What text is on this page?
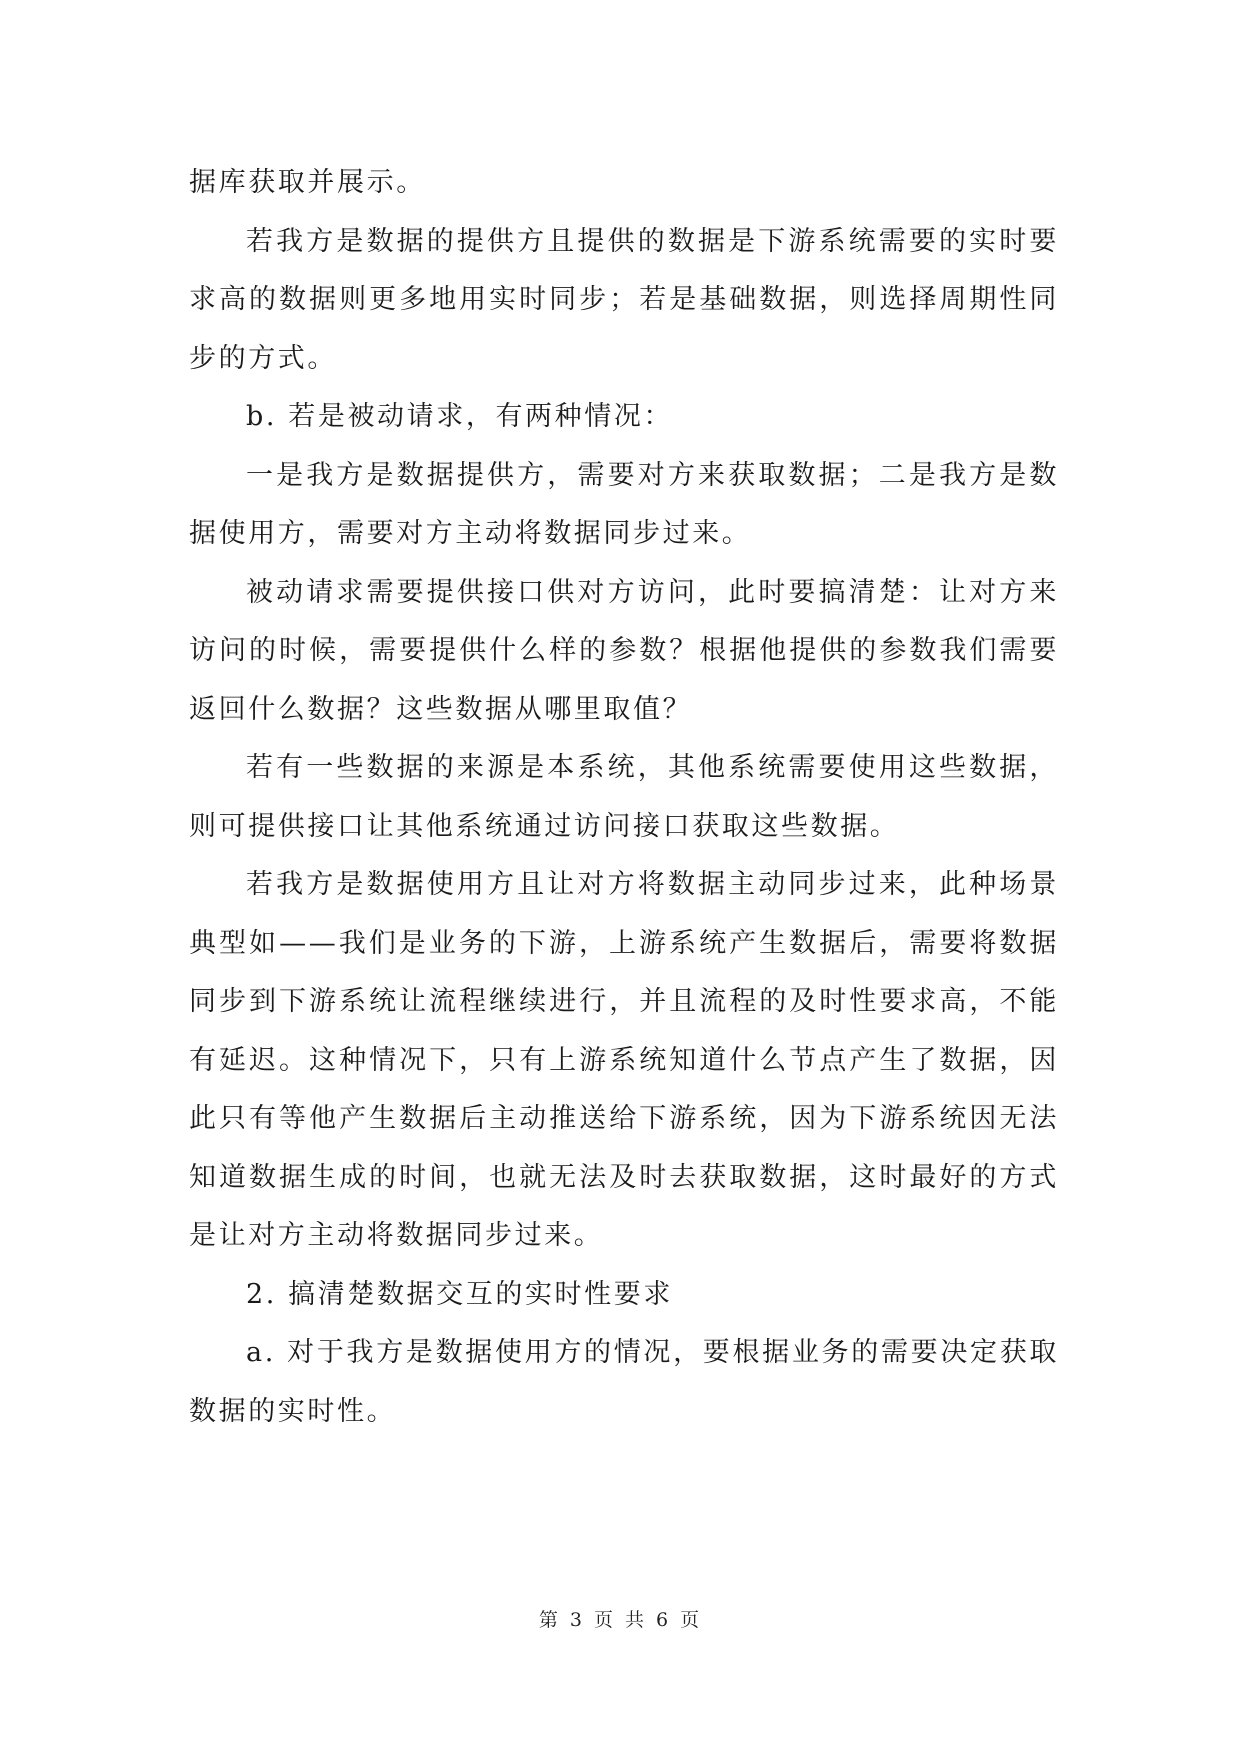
据库获取并展示。

若我方是数据的提供方且提供的数据是下游系统需要的实时要求高的数据则更多地用实时同步；若是基础数据，则选择周期性同步的方式。

b. 若是被动请求，有两种情况：

一是我方是数据提供方，需要对方来获取数据；二是我方是数据使用方，需要对方主动将数据同步过来。

被动请求需要提供接口供对方访问，此时要搞清楚：让对方来访问的时候，需要提供什么样的参数？根据他提供的参数我们需要返回什么数据？这些数据从哪里取值？

若有一些数据的来源是本系统，其他系统需要使用这些数据，则可提供接口让其他系统通过访问接口获取这些数据。

若我方是数据使用方且让对方将数据主动同步过来，此种场景典型如——我们是业务的下游，上游系统产生数据后，需要将数据同步到下游系统让流程继续进行，并且流程的及时性要求高，不能有延迟。这种情况下，只有上游系统知道什么节点产生了数据，因此只有等他产生数据后主动推送给下游系统，因为下游系统因无法知道数据生成的时间，也就无法及时去获取数据，这时最好的方式是让对方主动将数据同步过来。

2. 搞清楚数据交互的实时性要求

a. 对于我方是数据使用方的情况，要根据业务的需要决定获取数据的实时性。

第 3 页 共 6 页
